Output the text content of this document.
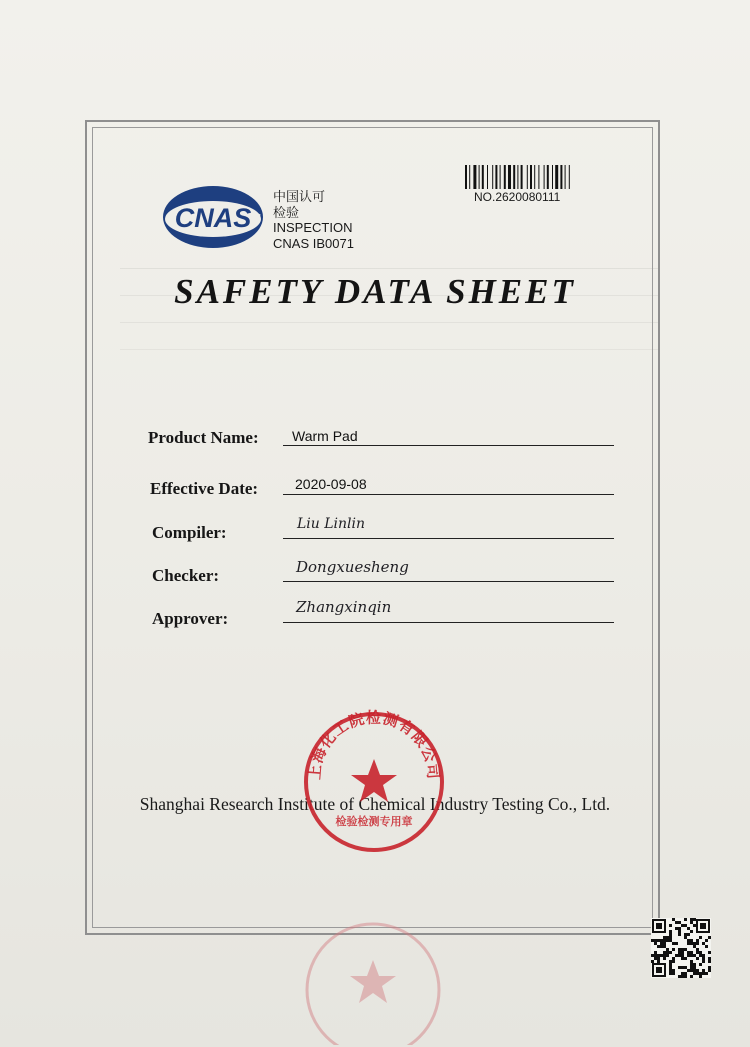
CNAS
中国认可
检验
INSPECTION
CNAS IB0071
NO.2620080111
SAFETY DATA SHEET
Product Name: Warm Pad
Effective Date:	2020-09-08
Compiler:	Liu Linlin
Checker:	Dongxuesheng
Approver:
Zhangxinqin
Shanghai Research Institute of Chemical Industry Testing Co., Ltd.
上海化工院检测有限公司
检验检测专用章
